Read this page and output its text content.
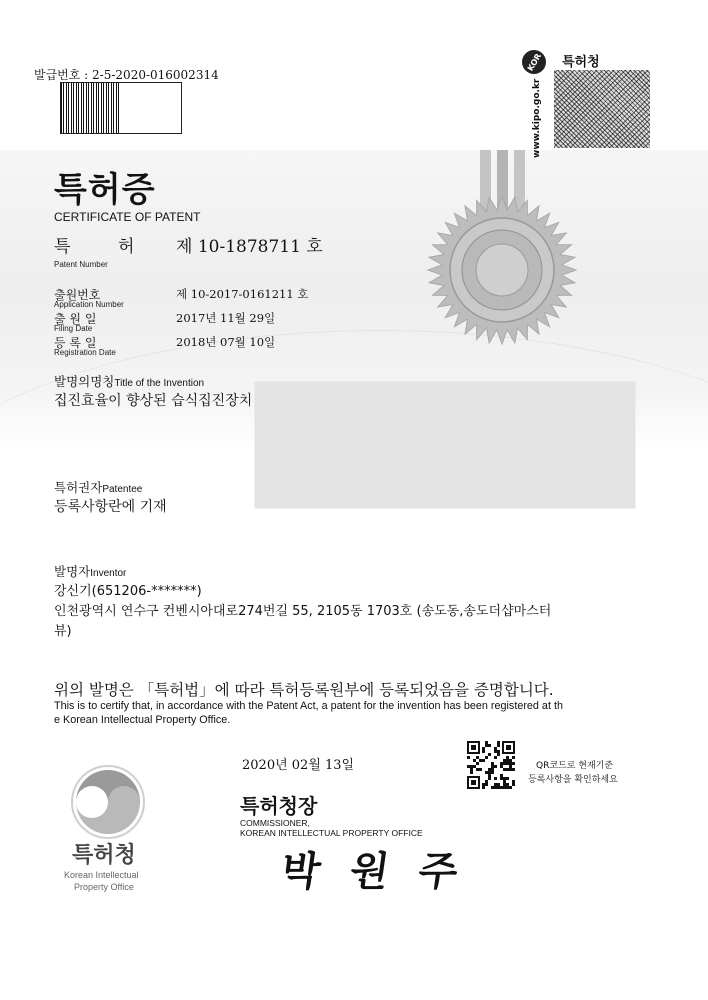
발급번호 : 2-5-2020-016002314
KOR
www.kipo.go.kr
특허청
특허증
CERTIFICATE OF PATENT
특	허
Patent Number
제 10-1878711 호
출원번호
Application Number
제 10-2017-0161211 호
출 원 일
Filing Date
2017년 11월 29일
등 록 일
Registration Date
2018년 07월 10일
발명의명칭Title of the Invention
집진효율이 향상된 습식집진장치
특허권자Patentee
등록사항란에 기재
발명자Inventor
강신기(651206-*******)
인천광역시 연수구 컨벤시아대로274번길 55, 2105동 1703호 (송도동,송도더샵마스터
뷰)
위의 발명은 「특허법」에 따라 특허등록원부에 등록되었음을 증명합니다.
This is to certify that, in accordance with the Patent Act, a patent for the invention has been registered at th
e Korean Intellectual Property Office.
2020년 02월 13일	QR코드로 현재기준
등록사항을 확인하세요
특허청장
COMMISSIONER,
KOREAN INTELLECTUAL PROPERTY OFFICE
박 원 주
특허청
Korean Intellectual
Property Office
